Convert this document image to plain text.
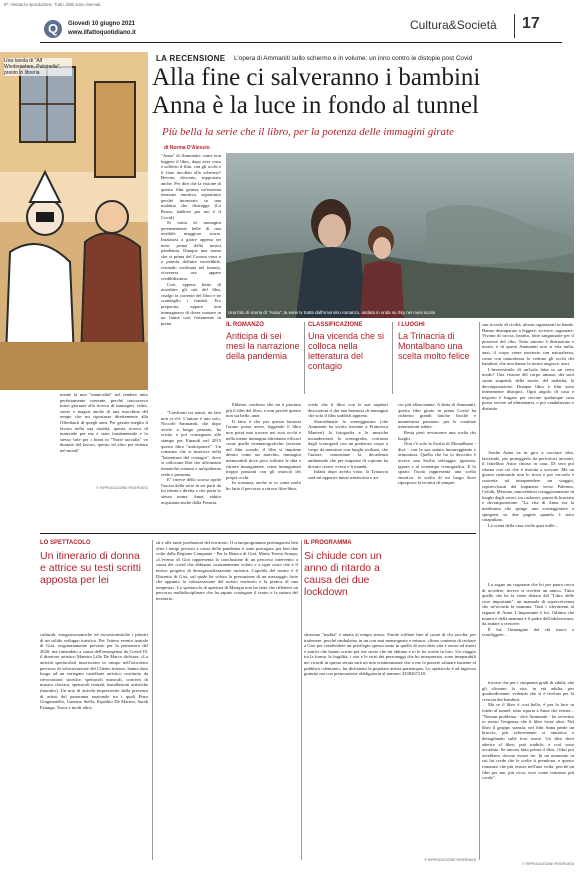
IP: Vietata la riproduzione. Tutti i diritti sono riservati.
Q	Giovedì 10 giugno 2021
www.ilfattoquotidiano.it
Cultura&Società 17
Una tavola di "Alf Wiedersehen, Pulcinella", presto in libreria
LA RECENSIONE L'opera di Ammaniti sullo schermo e in volume: un inno contro le distopie post Covid
Alla fine ci salveranno i bambini
Anna è la luce in fondo al tunnel
Più bella la serie che il libro, per la potenza delle immagini girate
di Norma D'Alessio

"Anna" di Ammaniti: come non leggere il libro, dopo aver visto e sofferto il film, con gli occhi e il fiato incollati allo schermo? Bevuto, divorato, sopportato anche. Per dire che la visione di questo film genera un'estrema tensione emotiva, soprattutto perché incentrato su una malattia che distrugge (La Rossa, laddove per noi è il Covid).

Si tratta di immagini perennemente belle di una terribile maggiore storia. Iniziatosi a girare appena sei mesi prima della nostra pandemia. Dunque una trama che si prima del Corona virus e a poterla definire incredibile, restando confinata nel fantasy, viceversa ora appare credibilissimo.

Così, appena finito di assorbire gli urti del film, risalgo la corrente del libro e ne scandaglio i fondali. Ero preparata, eppure non immaginavo di dover nuotare in un fiume così fortemente in piena.

mente la mia "manicalità" nel rendere tutto perfettamente coerente, perché trascorrevo interi giornate alla ricerca di immagini, video, storie e magari anche di una macchina del tempo che mi riportasse direttamente alla Offenbach di quegli anni. Per gestire meglio il lavoro nella sua totalità, questa ricerca di materiale per me è stata fondamentale e lo stesso vale per i brani in "Notte sacculta" vo durante del lavoro, questo ed altro per entrare nel mood!

© RIPRODUZIONE RISERVATA
Una foto di scena di "Anna", la serie tv tratta dall'omonimo romanzo, andata in onda su Sky nei mesi scorsi
IL ROMANZO
Anticipa di sei mesi la narrazione della pandemia
CLASSIFICAZIONE
Una vicenda che si colloca nella letteratura del contagio
I LUOGHI
La Trinacria di Montalbano una scelta molto felice

"Confronti tra autori, da fare non ce n'è. L'autore è uno solo, Niccolò Ammaniti, che dopo averlo a lungo pensato, ha scritto e poi consegnato alle stampe per Einaudi nel 2015 questo libro "anticipatore". Un romanzo che si inserisce nella "letteratura del contagio", dove si collocano libri che affrontano tematiche comuni e un'epidemia reale o presunta.

E" invece dello scorso aprile l'uscita della serie in sei parti da lui ideata e diretta e che porta lo stesso nome, Anna, subito acquistata anche dalla Francia.

Ebbene, confesso che mi è piaciuto più il film del libro, e non perché questo non sia bello, anzi.

Il fatto è che per questa fantasia l'uomo possa avere, leggendo il libro non potrà mai trovare nei suoi occhi e nella mente immagini altrettanto efficaci come quelle cinematografiche: lavorate nel film scende, il film si imprime dentro come un marchio, immagini memorabili dove poco influire le dita e ritrarre insanguinate, come insanguinati troppo passioni con gli ostacoli dei propri occhi.

In sostanza, anche se io come molti ho fatto il percorso a ritroso film-libro,

credo che il libro con le sue sapienti descrizioni ti dia una bramosa di immagini che solo il film soddisfi appieno.

Straordinarie la sceneggiatura (che Ammaniti ha scritto insieme a Francesca Manieri) la fotografia e le musiche incandescenti la scenografia, costruita dagli scenografi con un poderoso corpo a corpo da muratore con luoghi siciliani, che l'autore, nonostante la decadenza ambientale che per esigenze di copione ha dovuto creare, evoca e li manda.

Infatti dopo averlo visto, la Trinacria sarà mi apparire meno misteriosa e an-

cor più affascinante. A detta di Ammaniti, questo film girato in pieno Covid ha richiesto grandi fatiche fisiche e umanesima passione, per le continue interruzioni subite.

Resta però avvincente una scelta dei luoghi.

Non c'è solo la Sicilia di Montalbano - dice - con la sua natura lussureggiante e armoniosa. Quella che ho io descritto è invece una Sicilia selvaggia, ignorata, ignara e al contempo iconografica. E lo spazio l'isola rappresenta una scelta emotiva: la scelta di un luogo dove riproporre la tecnica di sempre.

LO SPETTACOLO
Un itinerario di donna e attrice su testi scritti apposta per lei
IL PROGRAMMA
Si chiude con un anno di ritardo a causa dei due lockdown

culturali, enogastronomiche ed escursionistiche i pilastri di un solido sviluppo turistico. Per l'atteso evento teatrale di Gioi, originariamente previsto per la primavera del 2020, ma rimandato a causa dell'emergenza da Covid-19, il direttore artistico Maestro Lillo De Marco dichiara: «La attività spettacolari inseriscono in campo nell'articolato percorso di valorizzazione del Cilento interno, hanno dato luogo ad un variegato cartellone artistico costituito da rievocazioni storiche, spettacoli musicali, concerti di musica classica, spettacoli teatrali, installazioni artistiche (murales). Un mix di attività impreziosite dalla presenza di artisti del panorama nazionale tra i quali Enzo Gragnaniello, Gaetano Stella, Espedito De Marino, Sarah Falanga, Tosca e molti altri».

sti e alle tante produzioni del territorio. Il cronoprogramma prolungatosi ben oltre i tempi previsti a causa della pandemia è stato prorogato per ben due volte dalla Regione Campania - Per la Bianca di Gioi, Maria Teresa Scarpa, «L'evento di Gioi rappresenta la conclusione di un percorso intervento a causa dei covid che abbiamo costantemente voluto e a ogni costo che è il nostro progetto di destagionalizzazione turistica. Capofila del nostro è il Distretto di Gioi, sul quale ha voluto la prestazione di un messaggio forte che appunto la valorizzazione del nostro territorio e la pratica di una tempesta». Lo spettacolo di apertura di Marigia non ha fatto che riflettere un percorso multidisciplinare che ha saputo coniugare il teatro e la natura del territorio.

chissima "tradita" e amata al tempo stesso. Parole soffiate fino al cuore di chi ascolta, per trattenere, perché rimbalzino in un con mai menzognate e misura. «Sono contenta di recitare a Gioi per condividere un privilegio spesso tanto in quello di aver dato vita e onore ad autori e autrici che hanno scritto per me storie che mi abitano e io le ho scritte in loro. Un viaggio tra la forma, la fragilità, i vizi e le virtù dei personaggi che ho interpretato, sono inseparabili nei ricordi in questa serata sarà un mix testimonianze che a me fa piacere salutare insieme al pubblico cilentano», ha dichiarato la popolare artista partenopea. Lo spettacolo è ad ingresso gratuito ma con prenotazione obbligatoria al numero 3338267218.

© RIPRODUZIONE RISERVATA

sun ricordo di civiltà, alcuni organizzati in bande. Hanno disimparato a leggere, scrivere, ragionare. Vivono di caccia, baratto, lotte sanguinarie per il possesso del cibo. Tutto intorno è distruzione e morte, e di questi Ammaniti non si rela nulla, anzi, il corpo viene mostrato con naturalezza, come con naturalezza lo vedono gli occhi dei bambini, che non hanno le nostre angosce, anzi.

L'inverosimile di un'isola fatta in un certo modo? Una visione del corpo umano, dei suoi strani stupendi, della morte, del malattia, la decomposizione. Dunque libro e film sono interamente distopici. Ogni angolo di casa e negozio è frugato per cercare qualunque cosa possa servire ad alimentarsi, e poi vandalizzato e distrutto.

Anche Anna va in giro a cacciare cibo, lasciando, per proteggerlo da pericolosi incontri, il fratellino Astor chiuso in casa. Di sera poi ritorna con ciò che è riuscita a scovare. Ma un giorno rientrando non lo trova e per cercarlo è costretta ad intraprendere un viaggio, sopravvissuti dal trapanese verso Palermo, Cefalù, Messina, muovendosi coraggiosamente in luoghi degli orrori, tra cadaveri, puzza di bruciato e decomposizione. "La vita di Anna era la medesima che spinge uno sceneggiatore a spingersi su due pagine quando è stato catapultato.

La scena della casa crolla quei mille...

La sogno un cognome che lei per paura cerca di uccidere, invece si rivelerà un amico. Tutto quello che lei fa viene dettato dal "Libro delle cose importanti", un manuale di sopravvivenza che ne'ricorda la mamma. Tutti i riferimenti ai ragazzi di Anna. L'importante è lui, l'ultimo che manca e della mamma è il padre dell'adolescenza, da andare a crescere.

È lui, l'immagine del chi riesce a sconfiggere...

trovare che per i cinquanta gradi di adulti, che gli sfiorano la vita, in età adulta, per quattordicenne, vedendo che si è rivelata per la crescita dei bambini.

Ma se il libro è così bello, è per la luce in fondo al tunnel, tutto riporta a Anna che resiste... "Nessun problema - dice Ammaniti - ho avvertito io stesso l'esigenza che il libro fosse altro. Nel libro il gruppo stanzia, nel film Anna perde un braccio, più velocemente si ramarica e dettagliando sulle loro storie. Un film deve aderire al libro, può tradirlo, e così sono accaduto. Se ancora fatto prima il film, i libri poi avrebbero dovuto essere tre. In un momento in cui lui crede che le scelte ti prendono, e questo romanzo che più resiste nell'una volta, perché un film per me, più ricco, esce come romanzo più corale".

© RIPRODUZIONE RISERVATA
